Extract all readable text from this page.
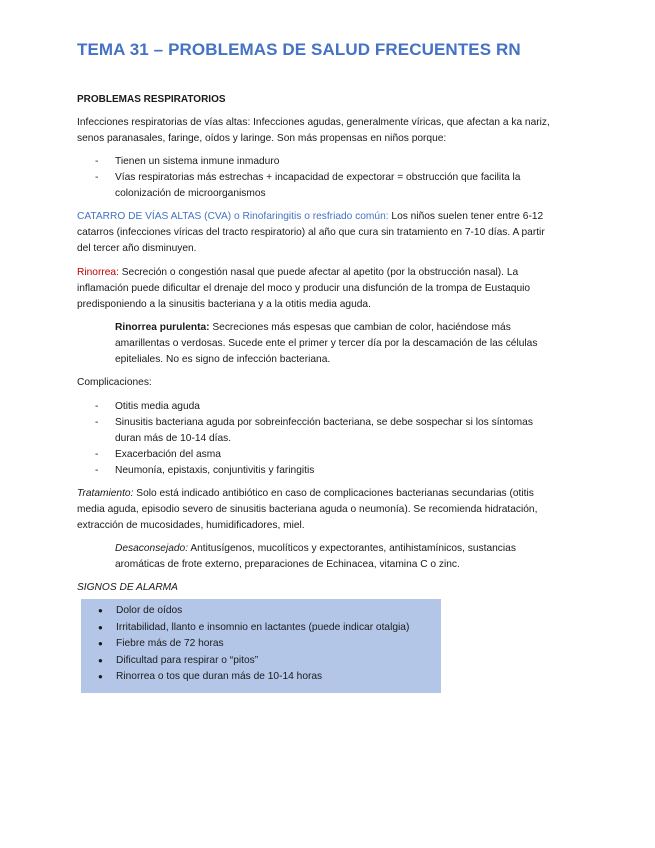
TEMA 31 – PROBLEMAS DE SALUD FRECUENTES RN
PROBLEMAS RESPIRATORIOS
Infecciones respiratorias de vías altas: Infecciones agudas, generalmente víricas, que afectan a ka nariz,
senos paranasales, faringe, oídos y laringe. Son más propensas en niños porque:
- Tienen un sistema inmune inmaduro
- Vías respiratorias más estrechas + incapacidad de expectorar = obstrucción que facilita la
colonización de microorganismos
CATARRO DE VÍAS ALTAS (CVA) o Rinofaringitis o resfriado común: Los niños suelen tener entre 6-12
catarros (infecciones víricas del tracto respiratorio) al año que cura sin tratamiento en 7-10 días. A partir
del tercer año disminuyen.
Rinorrea: Secreción o congestión nasal que puede afectar al apetito (por la obstrucción nasal). La
inflamación puede dificultar el drenaje del moco y producir una disfunción de la trompa de Eustaquio
predisponiendo a la sinusitis bacteriana y a la otitis media aguda.
Rinorrea purulenta: Secreciones más espesas que cambian de color, haciéndose más
amarillentas o verdosas. Sucede ente el primer y tercer día por la descamación de las células
epiteliales. No es signo de infección bacteriana.
Complicaciones:
- Otitis media aguda
- Sinusitis bacteriana aguda por sobreinfección bacteriana, se debe sospechar si los síntomas
duran más de 10-14 días.
- Exacerbación del asma
- Neumonía, epistaxis, conjuntivitis y faringitis
Tratamiento: Solo está indicado antibiótico en caso de complicaciones bacterianas secundarias (otitis
media aguda, episodio severo de sinusitis bacteriana aguda o neumonía). Se recomienda hidratación,
extracción de mucosidades, humidificadores, miel.
Desaconsejado: Antitusígenos, mucolíticos y expectorantes, antihistamínicos, sustancias
aromáticas de frote externo, preparaciones de Echinacea, vitamina C o zinc.
SIGNOS DE ALARMA
● Dolor de oídos
● Irritabilidad, llanto e insomnio en lactantes (puede indicar otalgia)
● Fiebre más de 72 horas
● Dificultad para respirar o “pitos”
● Rinorrea o tos que duran más de 10-14 horas
